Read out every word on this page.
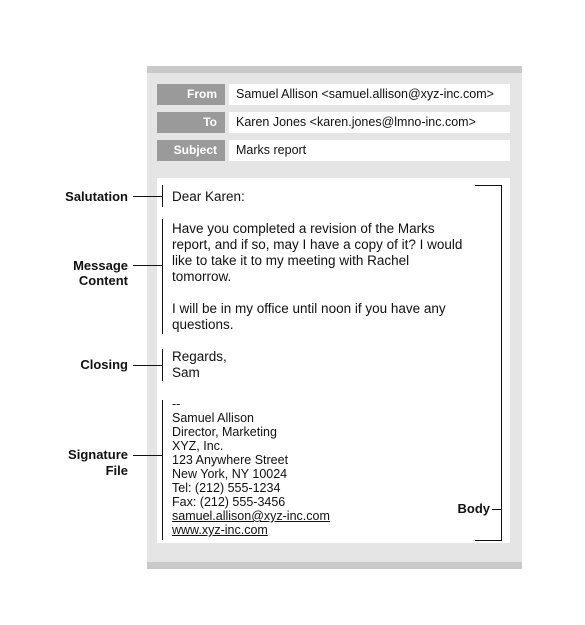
From	Samuel Allison <samuel.allison@xyz-inc.com>
To	Karen Jones <karen.jones@lmno-inc.com>
Subject	Marks report
Dear Karen:
Have you completed a revision of the Marks
report, and if so, may I have a copy of it? I would
like to take it to my meeting with Rachel
tomorrow.
I will be in my office until noon if you have any
questions.
Regards,
Sam
--
Samuel Allison
Director, Marketing
XYZ, Inc.
123 Anywhere Street
New York, NY 10024
Tel: (212) 555-1234
Fax: (212) 555-3456
samuel.allison@xyz-inc.com
www.xyz-inc.com
Salutation
Message
Content
Closing
Signature
File
Body
